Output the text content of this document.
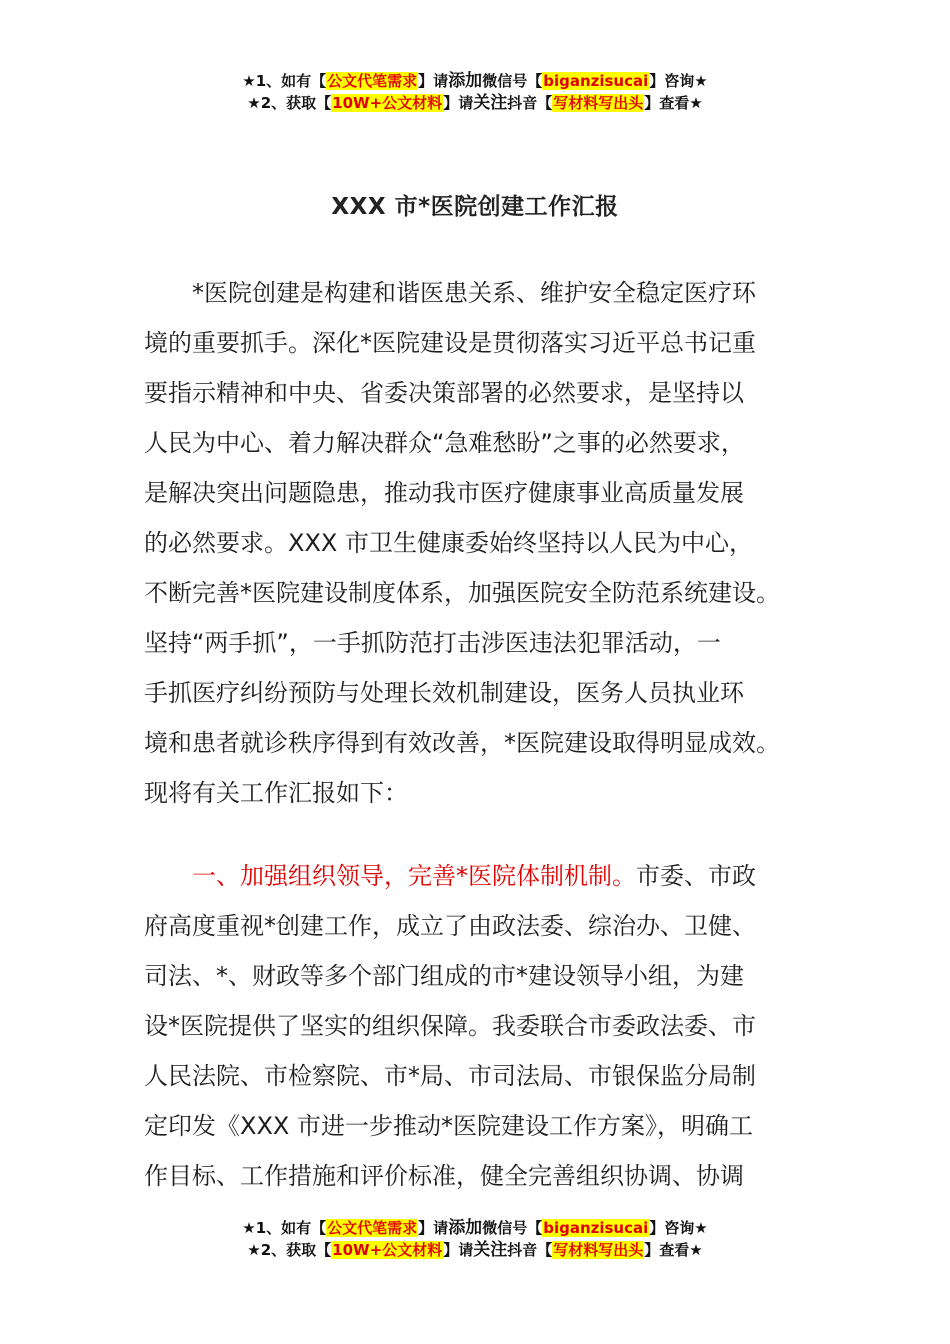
★1、如有【公文代笔需求】请添加微信号【biganzisucai】咨询★
★2、获取【10W+公文材料】请关注抖音【写材料写出头】查看★
XXX 市*医院创建工作汇报
　　*医院创建是构建和谐医患关系、维护安全稳定医疗环
境的重要抓手。深化*医院建设是贯彻落实习近平总书记重
要指示精神和中央、省委决策部署的必然要求，是坚持以
人民为中心、着力解决群众“急难愁盼”之事的必然要求，
是解决突出问题隐患，推动我市医疗健康事业高质量发展
的必然要求。XXX 市卫生健康委始终坚持以人民为中心，
不断完善*医院建设制度体系，加强医院安全防范系统建设。
坚持“两手抓”，一手抓防范打击涉医违法犯罪活动，一
手抓医疗纠纷预防与处理长效机制建设，医务人员执业环
境和患者就诊秩序得到有效改善，*医院建设取得明显成效。
现将有关工作汇报如下：
　　一、加强组织领导，完善*医院体制机制。市委、市政
府高度重视*创建工作，成立了由政法委、综治办、卫健、
司法、*、财政等多个部门组成的市*建设领导小组，为建
设*医院提供了坚实的组织保障。我委联合市委政法委、市
人民法院、市检察院、市*局、市司法局、市银保监分局制
定印发《XXX 市进一步推动*医院建设工作方案》，明确工
作目标、工作措施和评价标准，健全完善组织协调、协调
★1、如有【公文代笔需求】请添加微信号【biganzisucai】咨询★
★2、获取【10W+公文材料】请关注抖音【写材料写出头】查看★
